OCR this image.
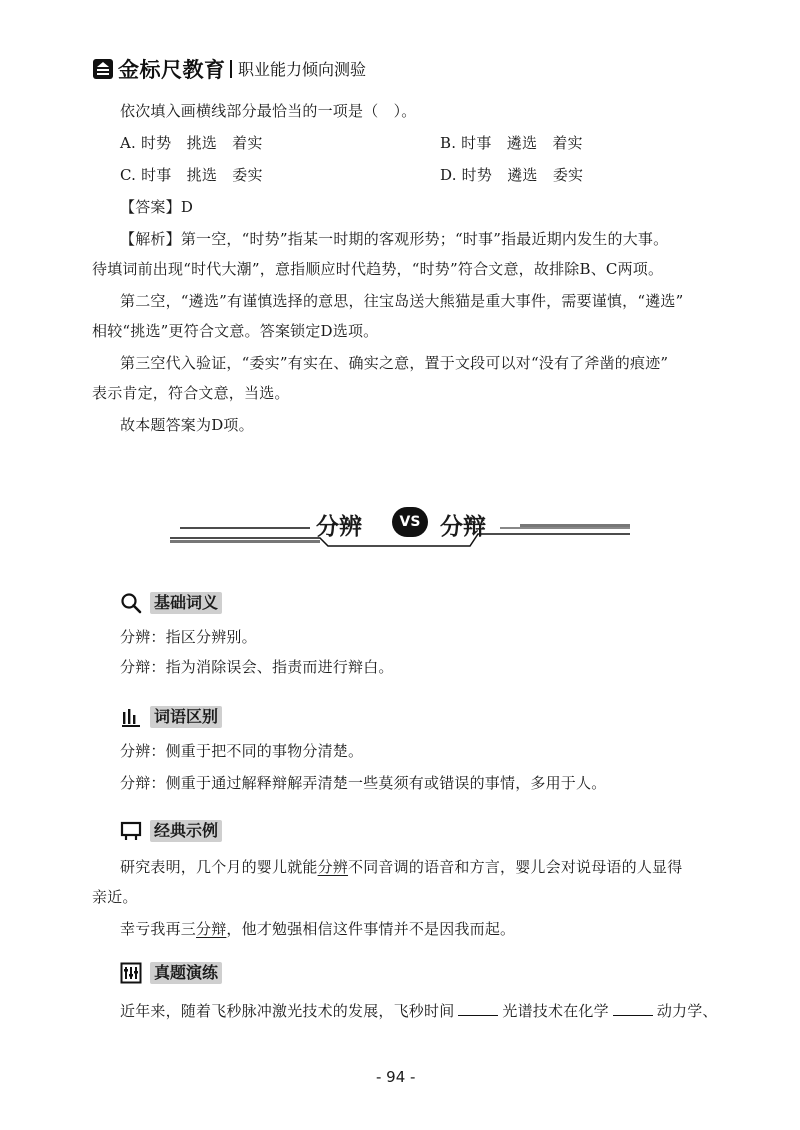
金标尺教育 职业能力倾向测验
依次填入画横线部分最恰当的一项是（　）。
A. 时势　挑选　着实	B. 时事　遴选　着实
C. 时事　挑选　委实	D. 时势　遴选　委实
【答案】D
【解析】第一空，“时势”指某一时期的客观形势；“时事”指最近期内发生的大事。
待填词前出现“时代大潮”，意指顺应时代趋势，“时势”符合文意，故排除B、C两项。
第二空，“遴选”有谨慎选择的意思，往宝岛送大熊猫是重大事件，需要谨慎，“遴选”
相较“挑选”更符合文意。答案锁定D选项。
第三空代入验证，“委实”有实在、确实之意，置于文段可以对“没有了斧凿的痕迹”
表示肯定，符合文意，当选。
故本题答案为D项。
分辨	VS 分辩
基础词义
分辨：指区分辨别。
分辩：指为消除误会、指责而进行辩白。
词语区别
分辨：侧重于把不同的事物分清楚。
分辩：侧重于通过解释辩解弄清楚一些莫须有或错误的事情，多用于人。
经典示例
研究表明，几个月的婴儿就能分辨不同音调的语音和方言，婴儿会对说母语的人显得
亲近。
幸亏我再三分辩，他才勉强相信这件事情并不是因我而起。
真题演练
近年来，随着飞秒脉冲激光技术的发展，飞秒时间	光谱技术在化学	动力学、
- 94 -
